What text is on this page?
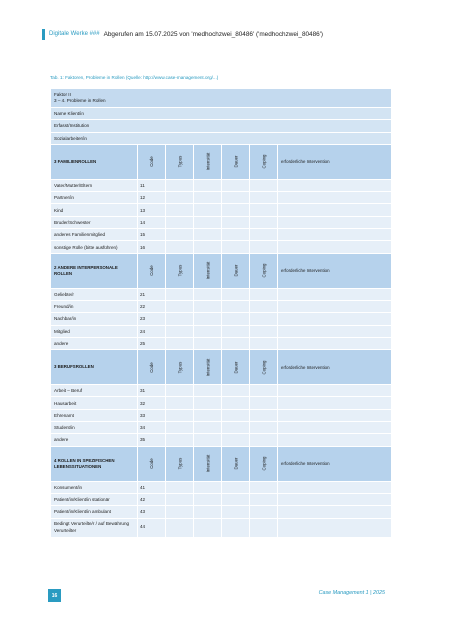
Digitale Werke ### Abgerufen am 15.07.2025 von 'medhochzwei_80486' ('medhochzwei_80486')
Tab. 1: Faktoren, Probleme in Rollen (Quelle: http://www.case-management.org/...)
Faktor II
3 – 4. Probleme in Rollen						

Name Klient/in						
Erfasst/Institution						
Sozialarbeiter/in						
3 FAMILIENROLLEN	Code	Typus	Intensität	Dauer	Coping	erforderliche Intervention
Vater/Mutter/Eltern	11					
Partner/in	12					
Kind	13					
Bruder/Schwester	14					
anderes Familienmitglied	15					
sonstige Rolle (bitte ausführen)	16					
2 ANDERE INTERPERSONALE ROLLEN	Code	Typus	Intensität	Dauer	Coping	erforderliche Intervention
Geliebte/r	21					
Freund/in	22					
Nachbar/in	23					
Mitglied	24					
andere	25					
3 BERUFSROLLEN	Code	Typus	Intensität	Dauer	Coping	erforderliche Intervention
Arbeit – Beruf	31					
Hausarbeit	32					
Ehrenamt	33					
Student/in	34					
andere	35					
4 ROLLEN IN SPEZIFISCHEN LEBENSSITUATIONEN	Code	Typus	Intensität	Dauer	Coping	erforderliche Intervention
Konsument/in	41					
Patient/in/Klient/in stationär	42					
Patient/in/Klient/in ambulant	43					
Bedingt Verurteilte/r / auf Bewährung Verurteilter	44					
16	Case Management 1 | 2025
